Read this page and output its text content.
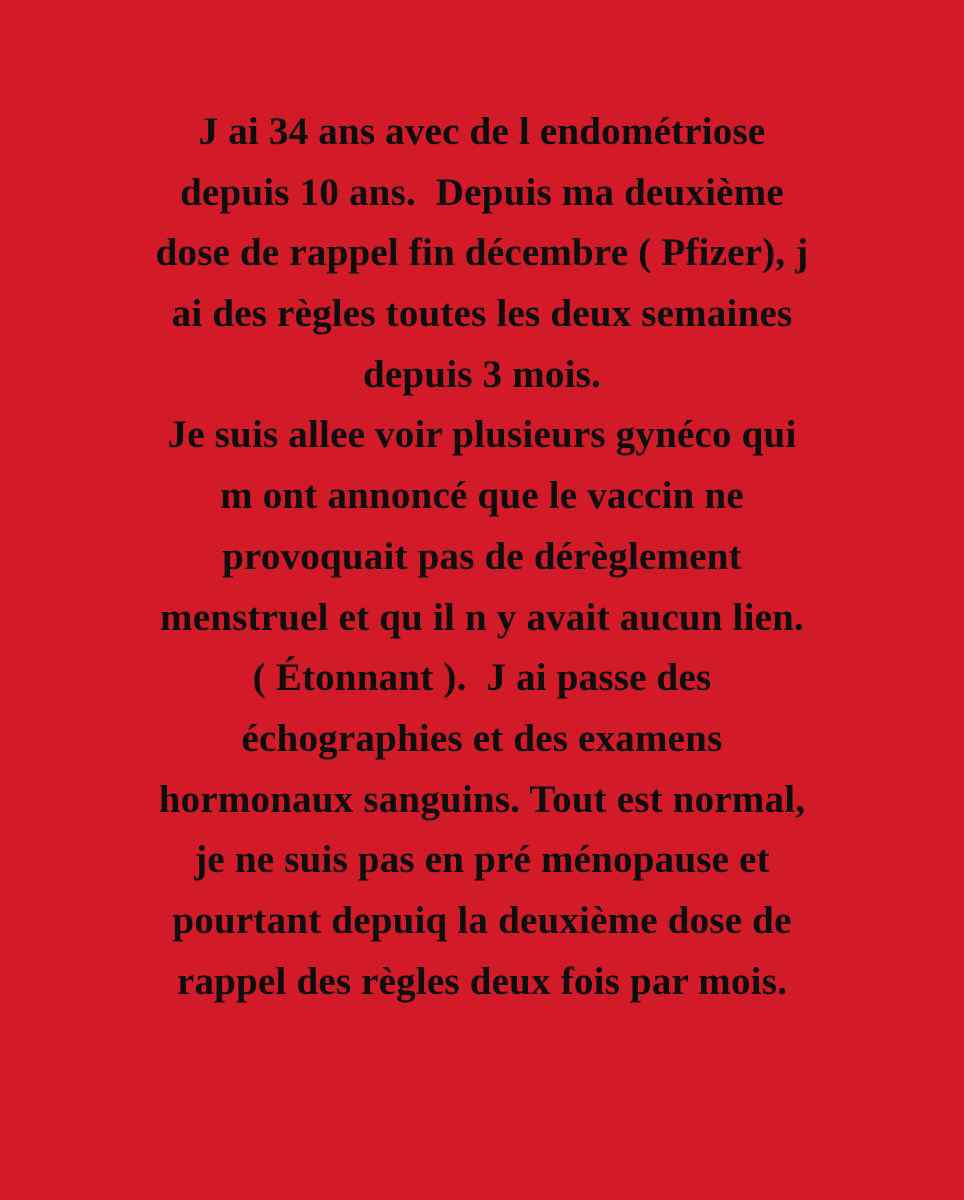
J ai 34 ans avec de l endométriose
depuis 10 ans.  Depuis ma deuxième
dose de rappel fin décembre ( Pfizer), j
ai des règles toutes les deux semaines
depuis 3 mois.
Je suis allee voir plusieurs gynéco qui
m ont annoncé que le vaccin ne
provoquait pas de dérèglement
menstruel et qu il n y avait aucun lien.
( Étonnant ).  J ai passe des
échographies et des examens
hormonaux sanguins. Tout est normal,
je ne suis pas en pré ménopause et
pourtant depuiq la deuxième dose de
rappel des règles deux fois par mois.
